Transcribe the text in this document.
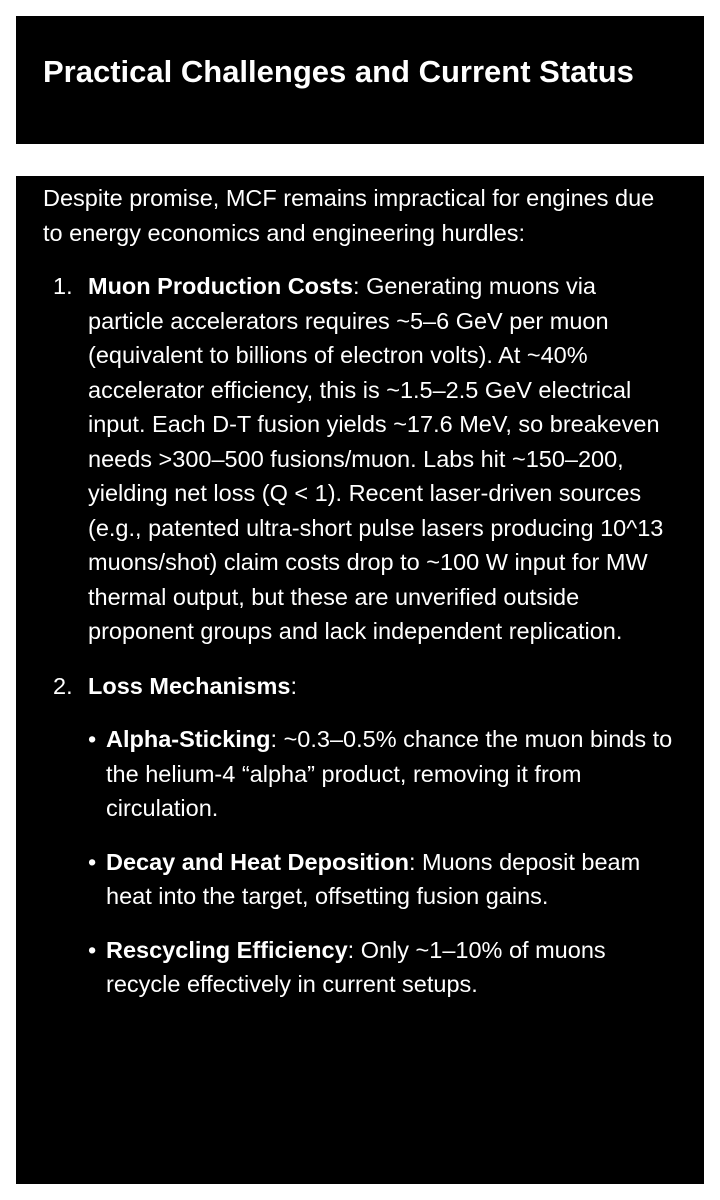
Practical Challenges and Current Status

Despite promise, MCF remains impractical for engines due to energy economics and engineering hurdles:

1. Muon Production Costs: Generating muons via particle accelerators requires ~5–6 GeV per muon (equivalent to billions of electron volts). At ~40% accelerator efficiency, this is ~1.5–2.5 GeV electrical input. Each D-T fusion yields ~17.6 MeV, so breakeven needs >300–500 fusions/muon. Labs hit ~150–200, yielding net loss (Q < 1). Recent laser-driven sources (e.g., patented ultra-short pulse lasers producing 10^13 muons/shot) claim costs drop to ~100 W input for MW thermal output, but these are unverified outside proponent groups and lack independent replication.
2. Loss Mechanisms:
• Alpha-Sticking: ~0.3–0.5% chance the muon binds to the helium-4 “alpha” product, removing it from circulation.
• Decay and Heat Deposition: Muons deposit beam heat into the target, offsetting fusion gains.
• Rescycling Efficiency: Only ~1–10% of muons recycle effectively in current setups.
